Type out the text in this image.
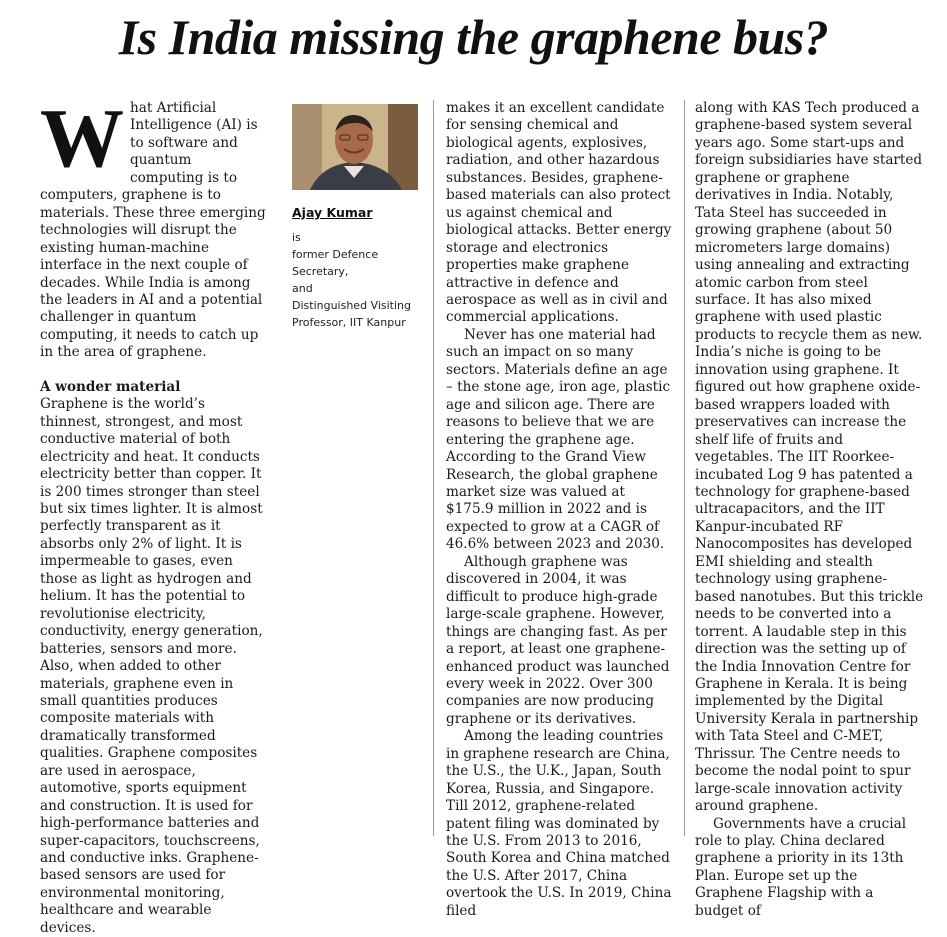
Is India missing the graphene bus?

What Artificial Intelligence (AI) is to software and quantum computing is to computers, graphene is to materials. These three emerging technologies will disrupt the existing human-machine interface in the next couple of decades. While India is among the leaders in AI and a potential challenger in quantum computing, it needs to catch up in the area of graphene.

A wonder material

Graphene is the world’s thinnest, strongest, and most conductive material of both electricity and heat. It conducts electricity better than copper. It is 200 times stronger than steel but six times lighter. It is almost perfectly transparent as it absorbs only 2% of light. It is impermeable to gases, even those as light as hydrogen and helium. It has the potential to revolutionise electricity, conductivity, energy generation, batteries, sensors and more. Also, when added to other materials, graphene even in small quantities produces composite materials with dramatically transformed qualities. Graphene composites are used in aerospace, automotive, sports equipment and construction. It is used for high-performance batteries and super-capacitors, touchscreens, and conductive inks. Graphene-based sensors are used for environmental monitoring, healthcare and wearable devices.

Ajay Kumar
is
former Defence
Secretary,
and
Distinguished Visiting
Professor, IIT Kanpur

makes it an excellent candidate for sensing chemical and biological agents, explosives, radiation, and other hazardous substances. Besides, graphene-based materials can also protect us against chemical and biological attacks. Better energy storage and electronics properties make graphene attractive in defence and aerospace as well as in civil and commercial applications.

Never has one material had such an impact on so many sectors. Materials define an age – the stone age, iron age, plastic age and silicon age. There are reasons to believe that we are entering the graphene age. According to the Grand View Research, the global graphene market size was valued at $175.9 million in 2022 and is expected to grow at a CAGR of 46.6% between 2023 and 2030.

Although graphene was discovered in 2004, it was difficult to produce high-grade large-scale graphene. However, things are changing fast. As per a report, at least one graphene-enhanced product was launched every week in 2022. Over 300 companies are now producing graphene or its derivatives.

Among the leading countries in graphene research are China, the U.S., the U.K., Japan, South Korea, Russia, and Singapore. Till 2012, graphene-related patent filing was dominated by the U.S. From 2013 to 2016, South Korea and China matched the U.S. After 2017, China overtook the U.S. In 2019, China filed

along with KAS Tech produced a graphene-based system several years ago. Some start-ups and foreign subsidiaries have started graphene or graphene derivatives in India. Notably, Tata Steel has succeeded in growing graphene (about 50 micrometers large domains) using annealing and extracting atomic carbon from steel surface. It has also mixed graphene with used plastic products to recycle them as new. India’s niche is going to be innovation using graphene. It figured out how graphene oxide-based wrappers loaded with preservatives can increase the shelf life of fruits and vegetables. The IIT Roorkee-incubated Log 9 has patented a technology for graphene-based ultracapacitors, and the IIT Kanpur-incubated RF Nanocomposites has developed EMI shielding and stealth technology using graphene-based nanotubes. But this trickle needs to be converted into a torrent. A laudable step in this direction was the setting up of the India Innovation Centre for Graphene in Kerala. It is being implemented by the Digital University Kerala in partnership with Tata Steel and C-MET, Thrissur. The Centre needs to become the nodal point to spur large-scale innovation activity around graphene.

Governments have a crucial role to play. China declared graphene a priority in its 13th Plan. Europe set up the Graphene Flagship with a budget of
